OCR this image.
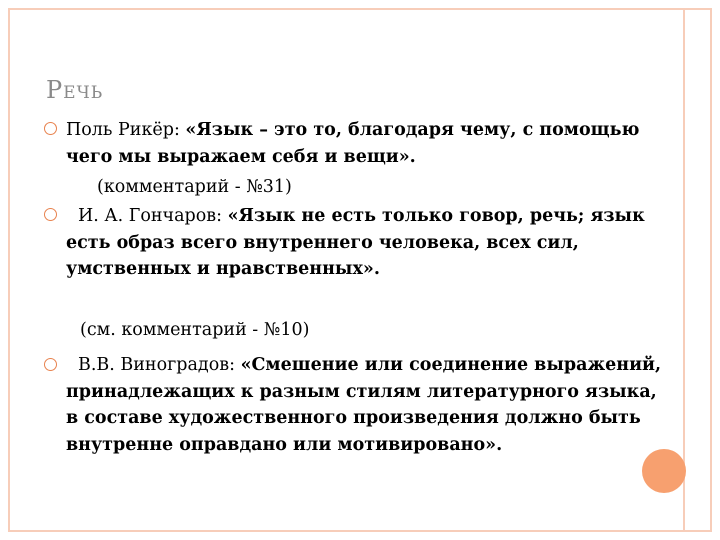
РЕЧЬ
Поль Рикёр: «Язык – это то, благодаря чему, с помощью чего мы выражаем себя и вещи».
(комментарий - №31)
И. А. Гончаров: «Язык не есть только говор, речь; язык есть образ всего внутреннего человека, всех сил, умственных и нравственных».
(см. комментарий - №10)
В.В. Виноградов: «Смешение или соединение выражений, принадлежащих к разным стилям литературного языка, в составе художественного произведения должно быть внутренне оправдано или мотивировано».
